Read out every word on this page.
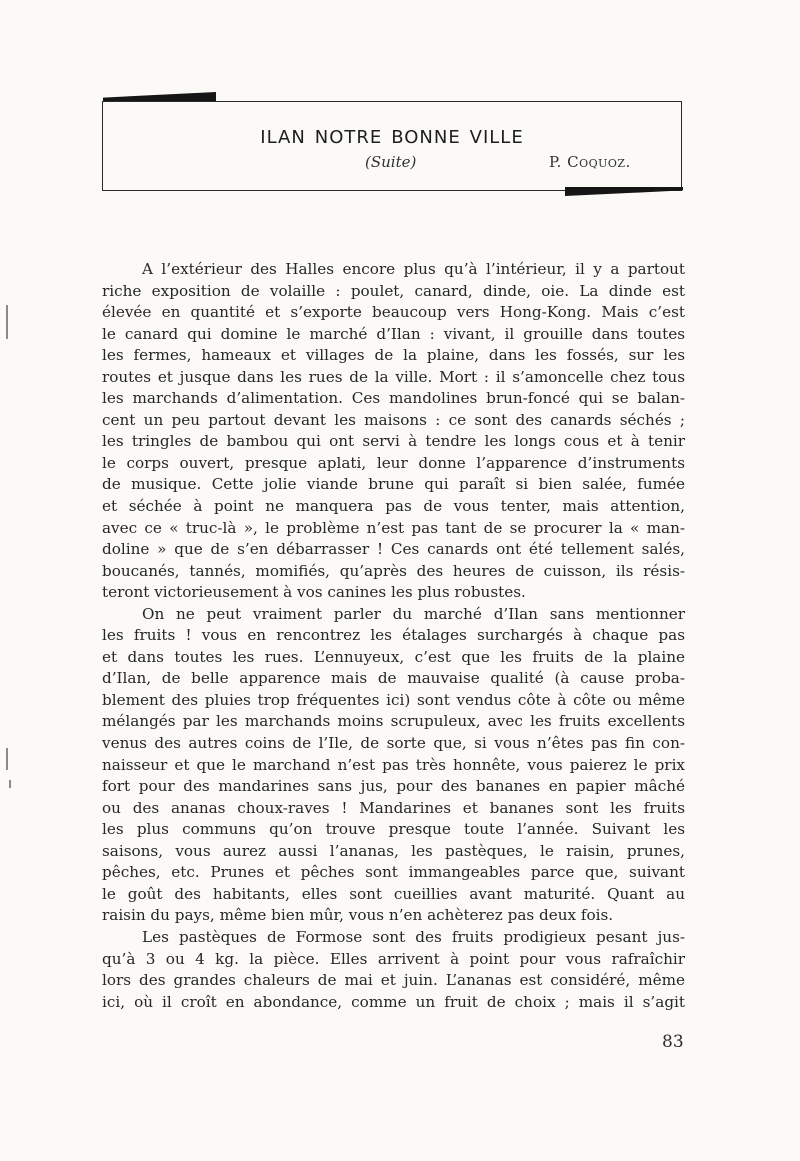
ilan notre bonne ville
(Suite)	P. Coquoz.
A l’extérieur des Halles encore plus qu’à l’intérieur, il y a partout
riche exposition de volaille : poulet, canard, dinde, oie. La dinde est
élevée en quantité et s’exporte beaucoup vers Hong-Kong. Mais c’est
le canard qui domine le marché d’Ilan : vivant, il grouille dans toutes
les fermes, hameaux et villages de la plaine, dans les fossés, sur les
routes et jusque dans les rues de la ville. Mort : il s’amoncelle chez tous
les marchands d’alimentation. Ces mandolines brun-foncé qui se balan-
cent un peu partout devant les maisons : ce sont des canards séchés ;
les tringles de bambou qui ont servi à tendre les longs cous et à tenir
le corps ouvert, presque aplati, leur donne l’apparence d’instruments
de musique. Cette jolie viande brune qui paraît si bien salée, fumée
et séchée à point ne manquera pas de vous tenter, mais attention,
avec ce « truc-là », le problème n’est pas tant de se procurer la « man-
doline » que de s’en débarrasser ! Ces canards ont été tellement salés,
boucanés, tannés, momifiés, qu’après des heures de cuisson, ils résis-
teront victorieusement à vos canines les plus robustes.
On ne peut vraiment parler du marché d’Ilan sans mentionner
les fruits ! vous en rencontrez les étalages surchargés à chaque pas
et dans toutes les rues. L’ennuyeux, c’est que les fruits de la plaine
d’Ilan, de belle apparence mais de mauvaise qualité (à cause proba-
blement des pluies trop fréquentes ici) sont vendus côte à côte ou même
mélangés par les marchands moins scrupuleux, avec les fruits excellents
venus des autres coins de l’Ile, de sorte que, si vous n’êtes pas fin con-
naisseur et que le marchand n’est pas très honnête, vous paierez le prix
fort pour des mandarines sans jus, pour des bananes en papier mâché
ou des ananas choux-raves ! Mandarines et bananes sont les fruits
les plus communs qu’on trouve presque toute l’année. Suivant les
saisons, vous aurez aussi l’ananas, les pastèques, le raisin, prunes,
pêches, etc. Prunes et pêches sont immangeables parce que, suivant
le goût des habitants, elles sont cueillies avant maturité. Quant au
raisin du pays, même bien mûr, vous n’en achèterez pas deux fois.
Les pastèques de Formose sont des fruits prodigieux pesant jus-
qu’à 3 ou 4 kg. la pièce. Elles arrivent à point pour vous rafraîchir
lors des grandes chaleurs de mai et juin. L’ananas est considéré, même
ici, où il croît en abondance, comme un fruit de choix ; mais il s’agit
83
